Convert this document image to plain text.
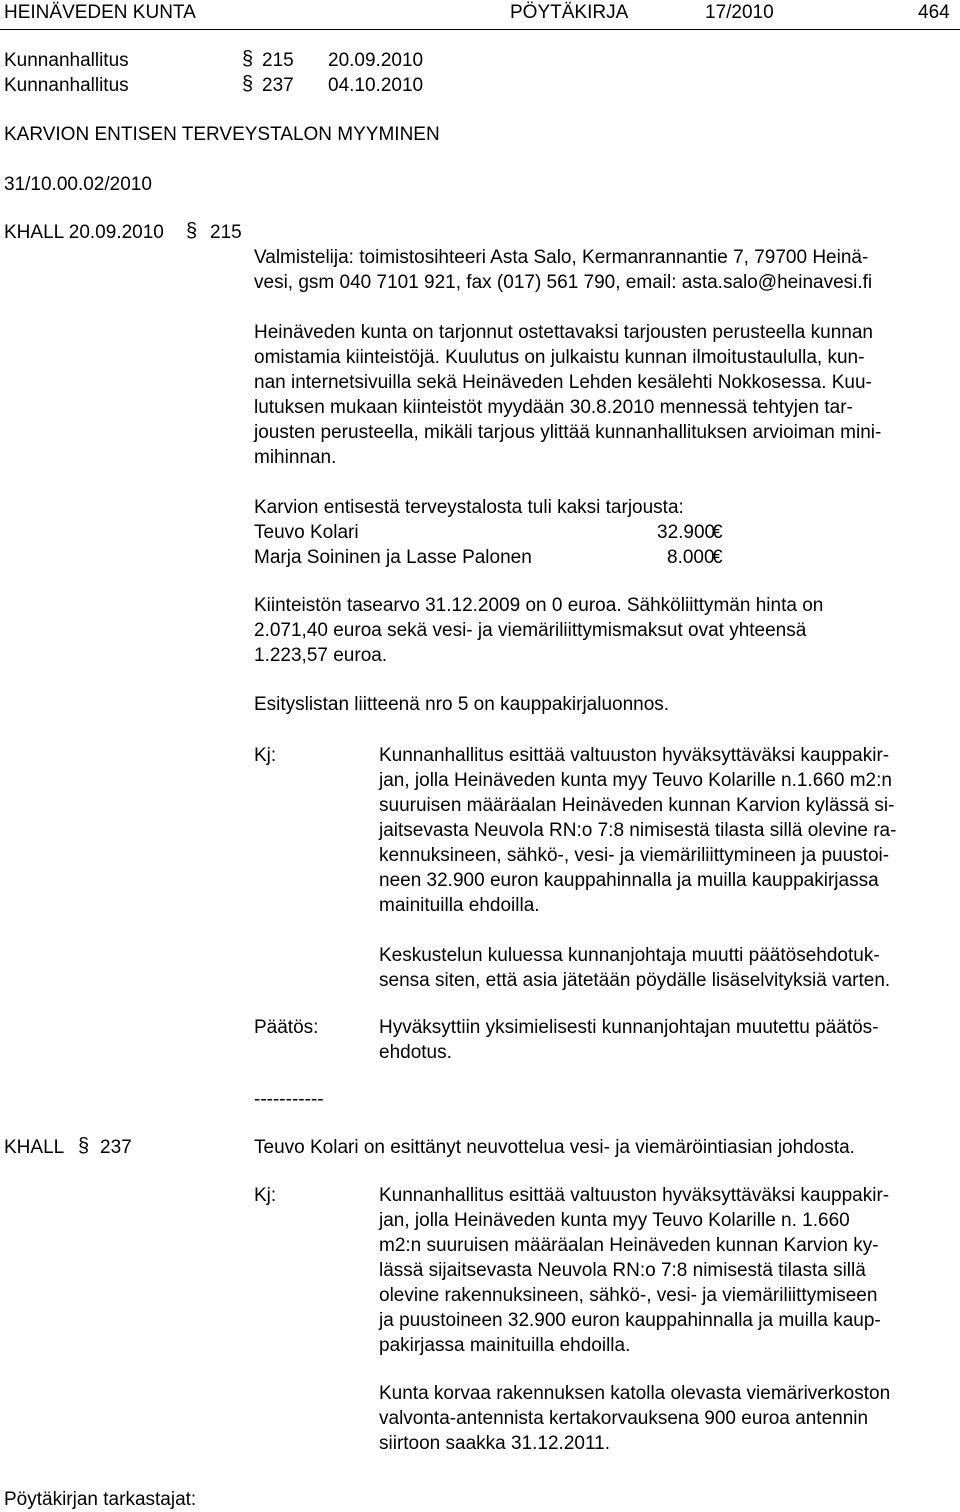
HEINÄVEDEN KUNTA	PÖYTÄKIRJA	17/2010	464
Kunnanhallitus	§ 215 20.09.2010
Kunnanhallitus	§ 237 04.10.2010
KARVION ENTISEN TERVEYSTALON MYYMINEN
31/10.00.02/2010
KHALL 20.09.2010 § 215
Valmistelija: toimistosihteeri Asta Salo, Kermanrannantie 7, 79700 Heinä-
vesi, gsm 040 7101 921, fax (017) 561 790, email: asta.salo@heinavesi.fi
Heinäveden kunta on tarjonnut ostettavaksi tarjousten perusteella kunnan
omistamia kiinteistöjä. Kuulutus on julkaistu kunnan ilmoitustaululla, kun-
nan internetsivuilla sekä Heinäveden Lehden kesälehti Nokkosessa. Kuu-
lutuksen mukaan kiinteistöt myydään 30.8.2010 mennessä tehtyjen tar-
jousten perusteella, mikäli tarjous ylittää kunnanhallituksen arvioiman mini-
mihinnan.
Karvion entisestä terveystalosta tuli kaksi tarjousta:
Teuvo Kolari	32.900
€
Marja Soininen ja Lasse Palonen	8.000
€
Kiinteistön tasearvo 31.12.2009 on 0 euroa. Sähköliittymän hinta on
2.071,40 euroa sekä vesi- ja viemäriliittymismaksut ovat yhteensä
1.223,57 euroa.
Esityslistan liitteenä nro 5 on kauppakirjaluonnos.
Kj:	Kunnanhallitus esittää valtuuston hyväksyttäväksi kauppakir-
jan, jolla Heinäveden kunta myy Teuvo Kolarille n.1.660 m2:n
suuruisen määräalan Heinäveden kunnan Karvion kylässä si-
jaitsevasta Neuvola RN:o 7:8 nimisestä tilasta sillä olevine ra-
kennuksineen, sähkö-, vesi- ja viemäriliittymineen ja puustoi-
neen 32.900 euron kauppahinnalla ja muilla kauppakirjassa
mainituilla ehdoilla.
Keskustelun kuluessa kunnanjohtaja muutti päätösehdotuk-
sensa siten, että asia jätetään pöydälle lisäselvityksiä varten.
Päätös:	Hyväksyttiin yksimielisesti kunnanjohtajan muutettu päätös-
ehdotus.
-----------
KHALL § 237	Teuvo Kolari on esittänyt neuvottelua vesi- ja viemäröintiasian johdosta.
Kj:	Kunnanhallitus esittää valtuuston hyväksyttäväksi kauppakir-
jan, jolla Heinäveden kunta myy Teuvo Kolarille n. 1.660
m2:n suuruisen määräalan Heinäveden kunnan Karvion ky-
lässä sijaitsevasta Neuvola RN:o 7:8 nimisestä tilasta sillä
olevine rakennuksineen, sähkö-, vesi- ja viemäriliittymiseen
ja puustoineen 32.900 euron kauppahinnalla ja muilla kaup-
pakirjassa mainituilla ehdoilla.
Kunta korvaa rakennuksen katolla olevasta viemäriverkoston
valvonta-antennista kertakorvauksena 900 euroa antennin
siirtoon saakka 31.12.2011.
Pöytäkirjan tarkastajat:
